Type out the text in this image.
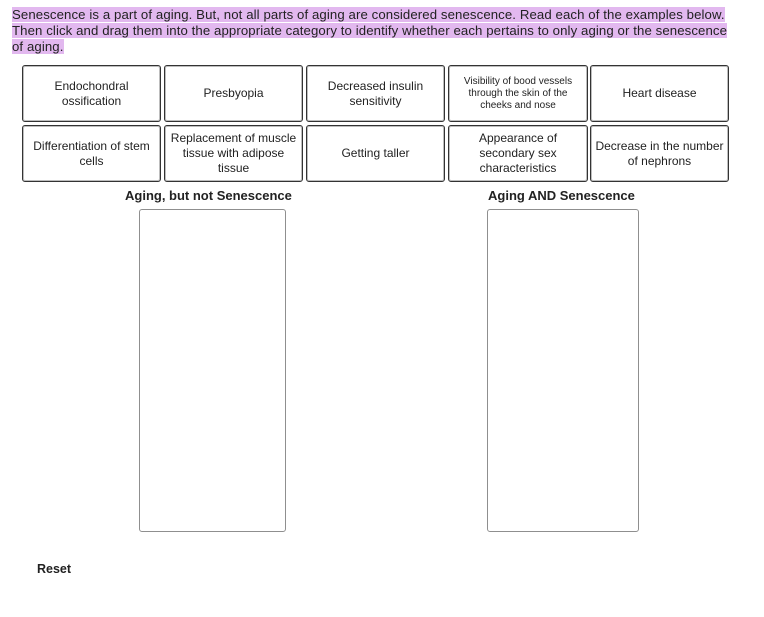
Senescence is a part of aging. But, not all parts of aging are considered senescence. Read each of the examples below. Then click and drag them into the appropriate category to identify whether each pertains to only aging or the senescence of aging.
Endochondral ossification
Presbyopia
Decreased insulin sensitivity
Visibility of bood vessels through the skin of the cheeks and nose
Heart disease
Differentiation of stem cells
Replacement of muscle tissue with adipose tissue
Getting taller
Appearance of secondary sex characteristics
Decrease in the number of nephrons
Aging, but not Senescence	Aging AND Senescence
Reset
